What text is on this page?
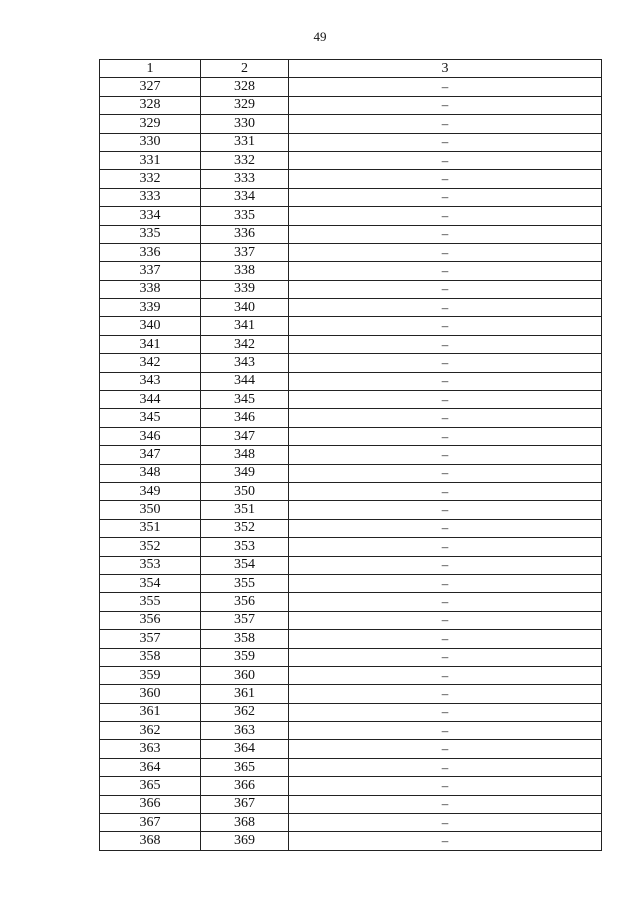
49
1	2	3
327	328	–
328	329	–
329	330	–
330	331	–
331	332	–
332	333	–
333	334	–
334	335	–
335	336	–
336	337	–
337	338	–
338	339	–
339	340	–
340	341	–
341	342	–
342	343	–
343	344	–
344	345	–
345	346	–
346	347	–
347	348	–
348	349	–
349	350	–
350	351	–
351	352	–
352	353	–
353	354	–
354	355	–
355	356	–
356	357	–
357	358	–
358	359	–
359	360	–
360	361	–
361	362	–
362	363	–
363	364	–
364	365	–
365	366	–
366	367	–
367	368	–
368	369	–
